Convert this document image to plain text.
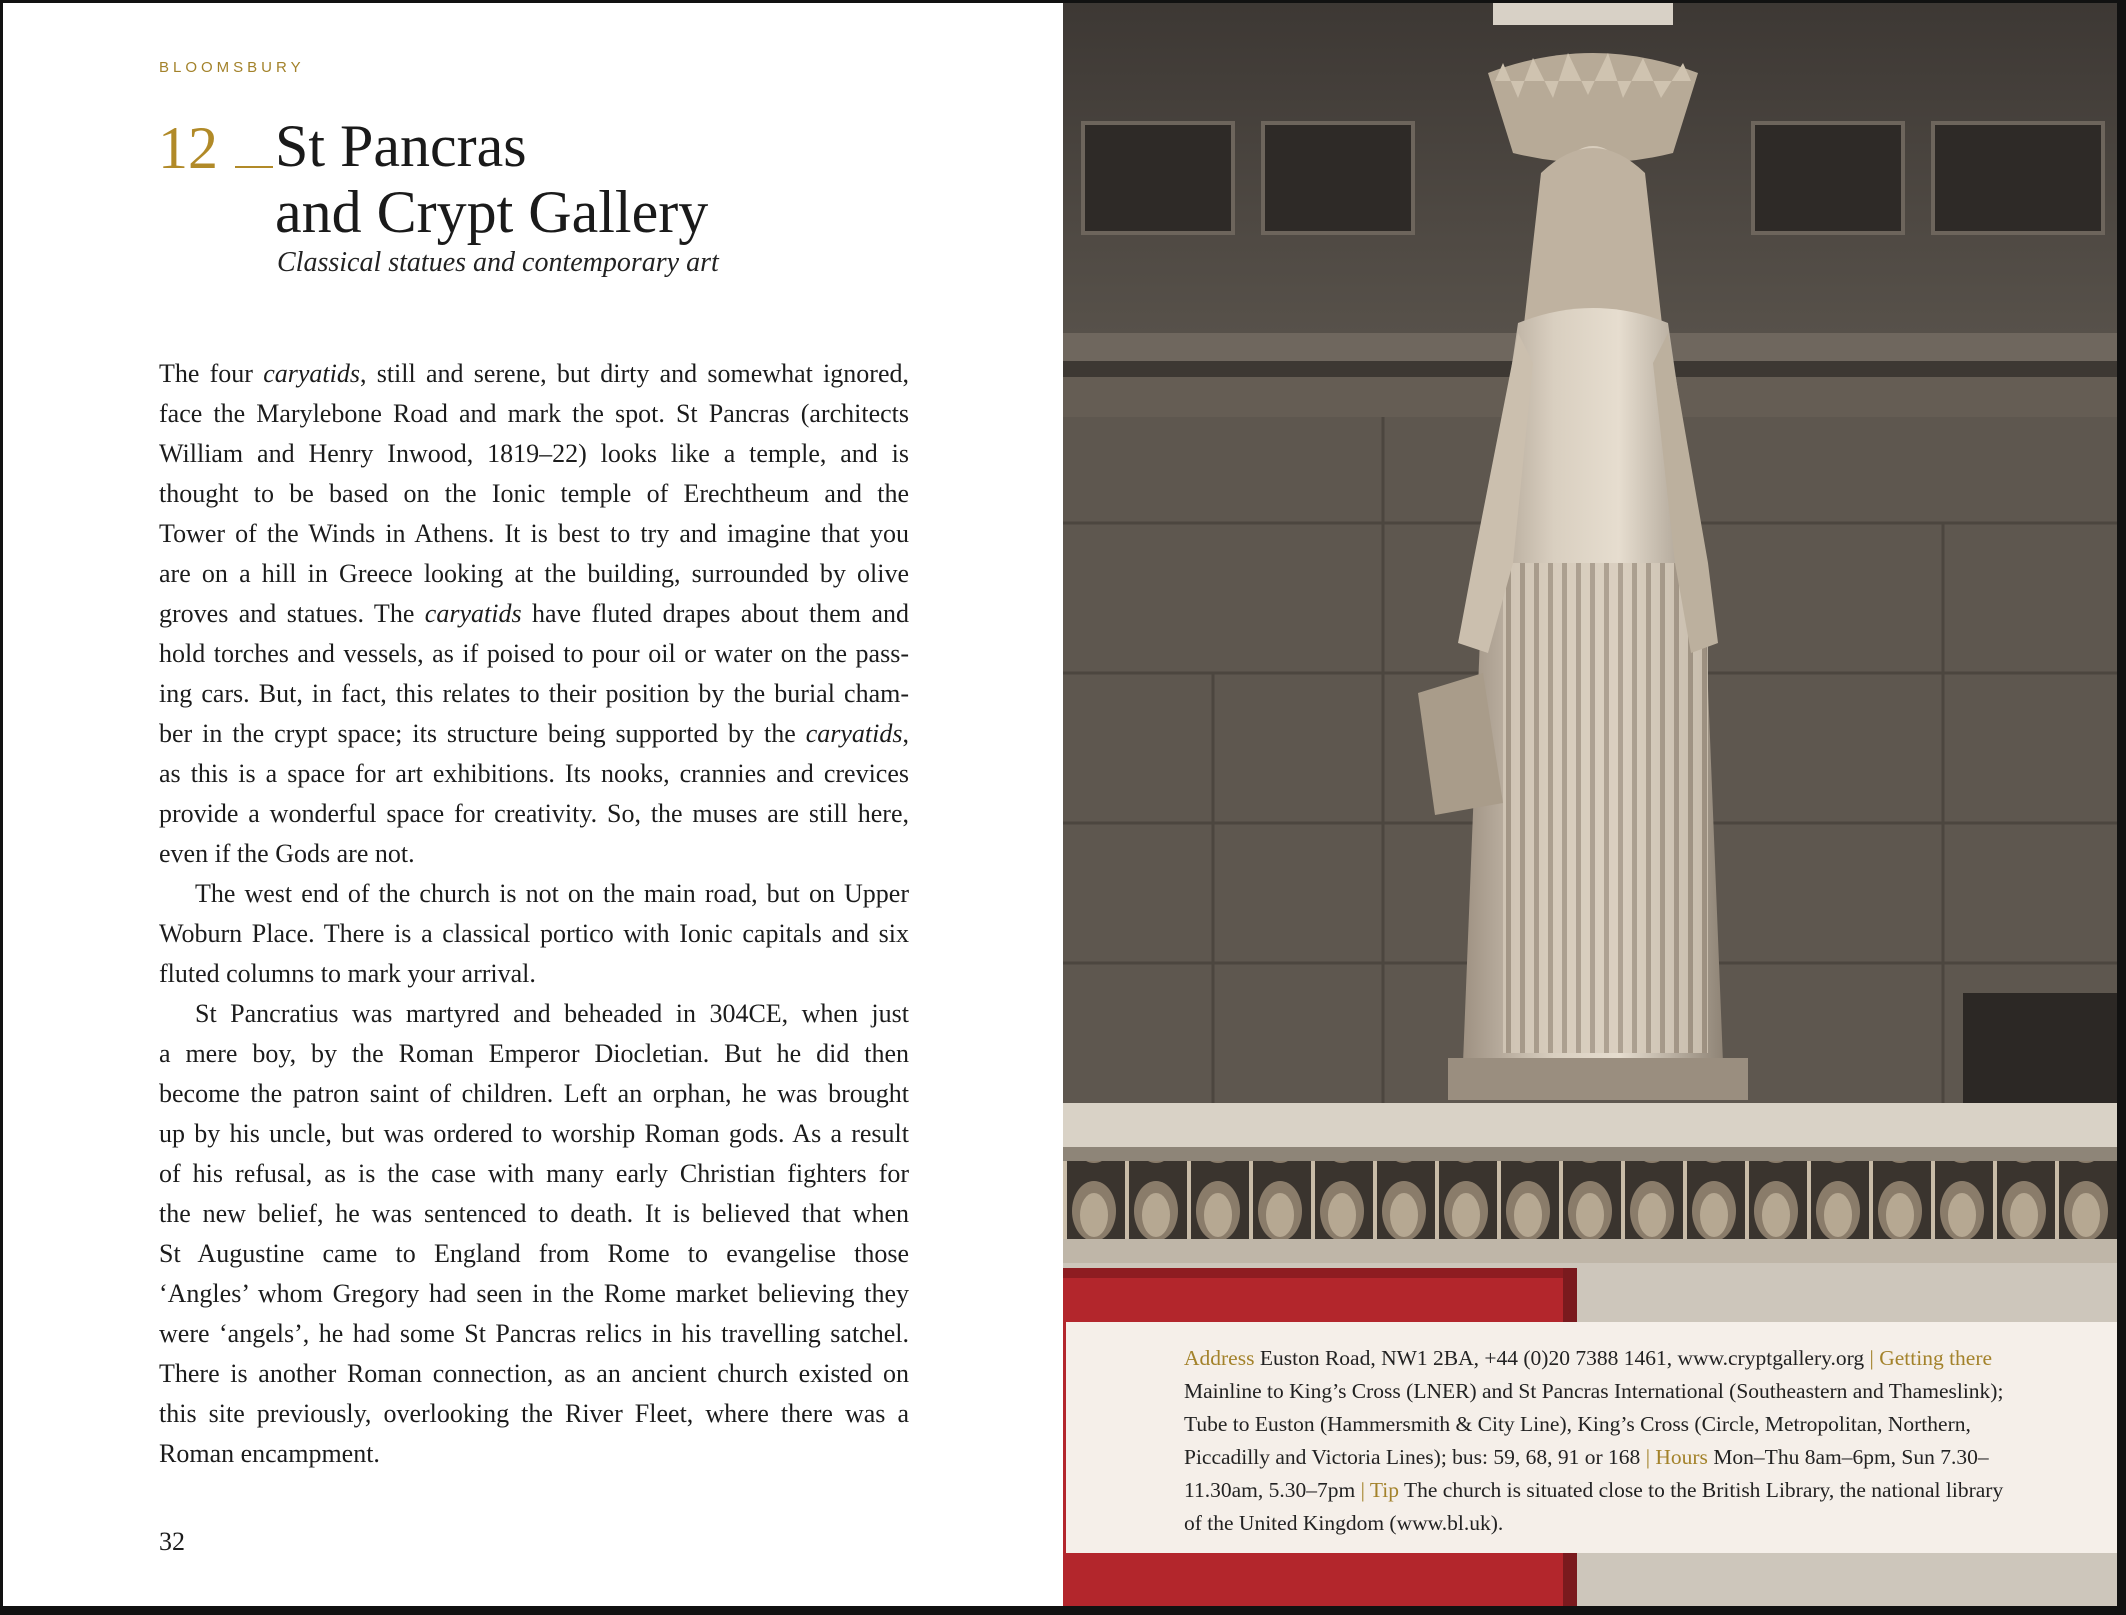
BLOOMSBURY
12 St Pancras
and Crypt Gallery
Classical statues and contemporary art
The four caryatids, still and serene, but dirty and somewhat ignored,
face the Marylebone Road and mark the spot. St Pancras (architects
William and Henry Inwood, 1819–22) looks like a temple, and is
thought to be based on the Ionic temple of Erechtheum and the
Tower of the Winds in Athens. It is best to try and imagine that you
are on a hill in Greece looking at the building, surrounded by olive
groves and statues. The caryatids have fluted drapes about them and
hold torches and vessels, as if poised to pour oil or water on the pass-
ing cars. But, in fact, this relates to their position by the burial cham-
ber in the crypt space; its structure being supported by the caryatids,
as this is a space for art exhibitions. Its nooks, crannies and crevices
provide a wonderful space for creativity. So, the muses are still here,
even if the Gods are not.
The west end of the church is not on the main road, but on Upper
Woburn Place. There is a classical portico with Ionic capitals and six
fluted columns to mark your arrival.
St Pancratius was martyred and beheaded in 304CE, when just
a mere boy, by the Roman Emperor Diocletian. But he did then
become the patron saint of children. Left an orphan, he was brought
up by his uncle, but was ordered to worship Roman gods. As a result
of his refusal, as is the case with many early Christian fighters for
the new belief, he was sentenced to death. It is believed that when
St Augustine came to England from Rome to evangelise those
‘Angles’ whom Gregory had seen in the Rome market believing they
were ‘angels’, he had some St Pancras relics in his travelling satchel.
There is another Roman connection, as an ancient church existed on
this site previously, overlooking the River Fleet, where there was a
Roman encampment.
32
Address Euston Road, NW1 2BA, +44 (0)20 7388 1461, www.cryptgallery.org | Getting there Mainline to King’s Cross (LNER) and St Pancras International (Southeastern and Thameslink); Tube to Euston (Hammersmith & City Line), King’s Cross (Circle, Metropolitan, Northern, Piccadilly and Victoria Lines); bus: 59, 68, 91 or 168 | Hours Mon–Thu 8am–6pm, Sun 7.30–11.30am, 5.30–7pm | Tip The church is situated close to the British Library, the national library of the United Kingdom (www.bl.uk).
